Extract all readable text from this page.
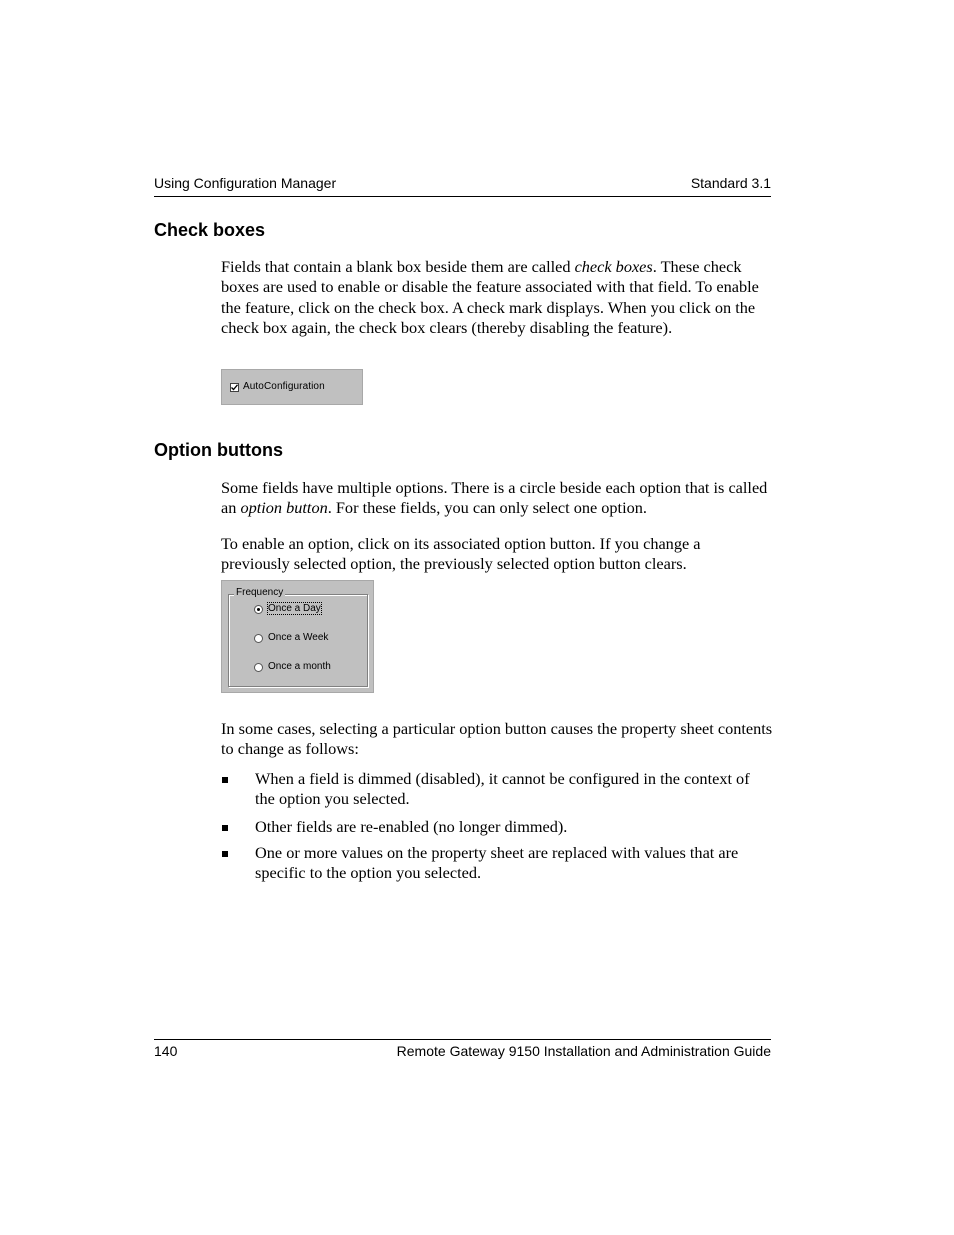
Using Configuration Manager	Standard 3.1
Check boxes

Fields that contain a blank box beside them are called check boxes. These check boxes are used to enable or disable the feature associated with that field. To enable the feature, click on the check box. A check mark displays. When you click on the check box again, the check box clears (thereby disabling the feature).

AutoConfiguration
Option buttons

Some fields have multiple options. There is a circle beside each option that is called an option button. For these fields, you can only select one option.

To enable an option, click on its associated option button. If you change a previously selected option, the previously selected option button clears.

Frequency
Once a Day
Once a Week
Once a month

In some cases, selecting a particular option button causes the property sheet contents to change as follows:

When a field is dimmed (disabled), it cannot be configured in the context of the option you selected.
Other fields are re-enabled (no longer dimmed).
One or more values on the property sheet are replaced with values that are specific to the option you selected.
140	Remote Gateway 9150 Installation and Administration Guide
